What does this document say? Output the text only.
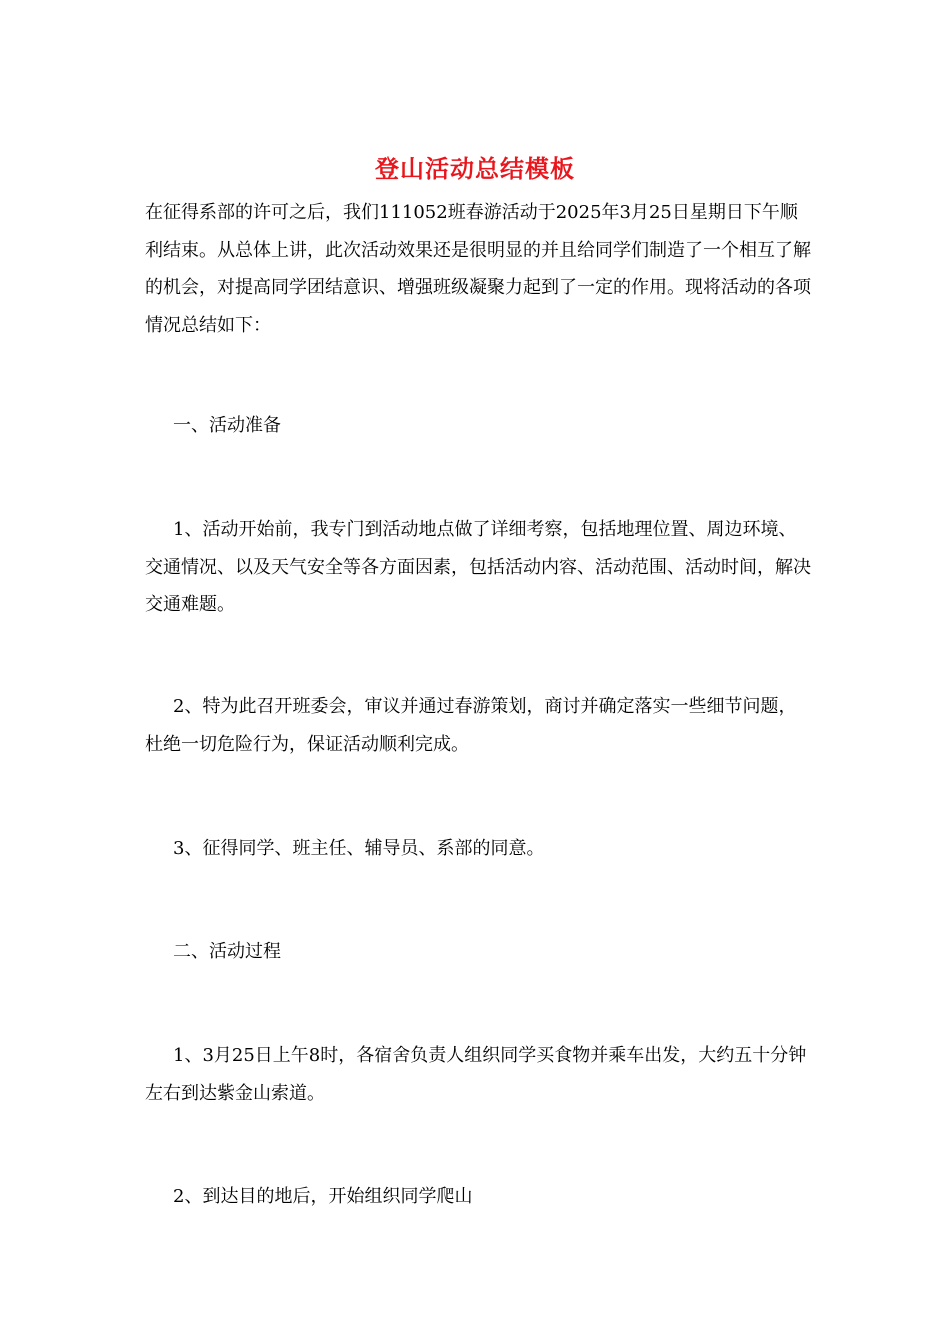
登山活动总结模板

在征得系部的许可之后，我们111052班春游活动于2025年3月25日星期日下午顺利结束。从总体上讲，此次活动效果还是很明显的并且给同学们制造了一个相互了解的机会，对提高同学团结意识、增强班级凝聚力起到了一定的作用。现将活动的各项情况总结如下：

一、活动准备

1、活动开始前，我专门到活动地点做了详细考察，包括地理位置、周边环境、交通情况、以及天气安全等各方面因素，包括活动内容、活动范围、活动时间，解决交通难题。

2、特为此召开班委会，审议并通过春游策划，商讨并确定落实一些细节问题，杜绝一切危险行为，保证活动顺利完成。

3、征得同学、班主任、辅导员、系部的同意。

二、活动过程

1、3月25日上午8时，各宿舍负责人组织同学买食物并乘车出发，大约五十分钟左右到达紫金山索道。

2、到达目的地后，开始组织同学爬山
